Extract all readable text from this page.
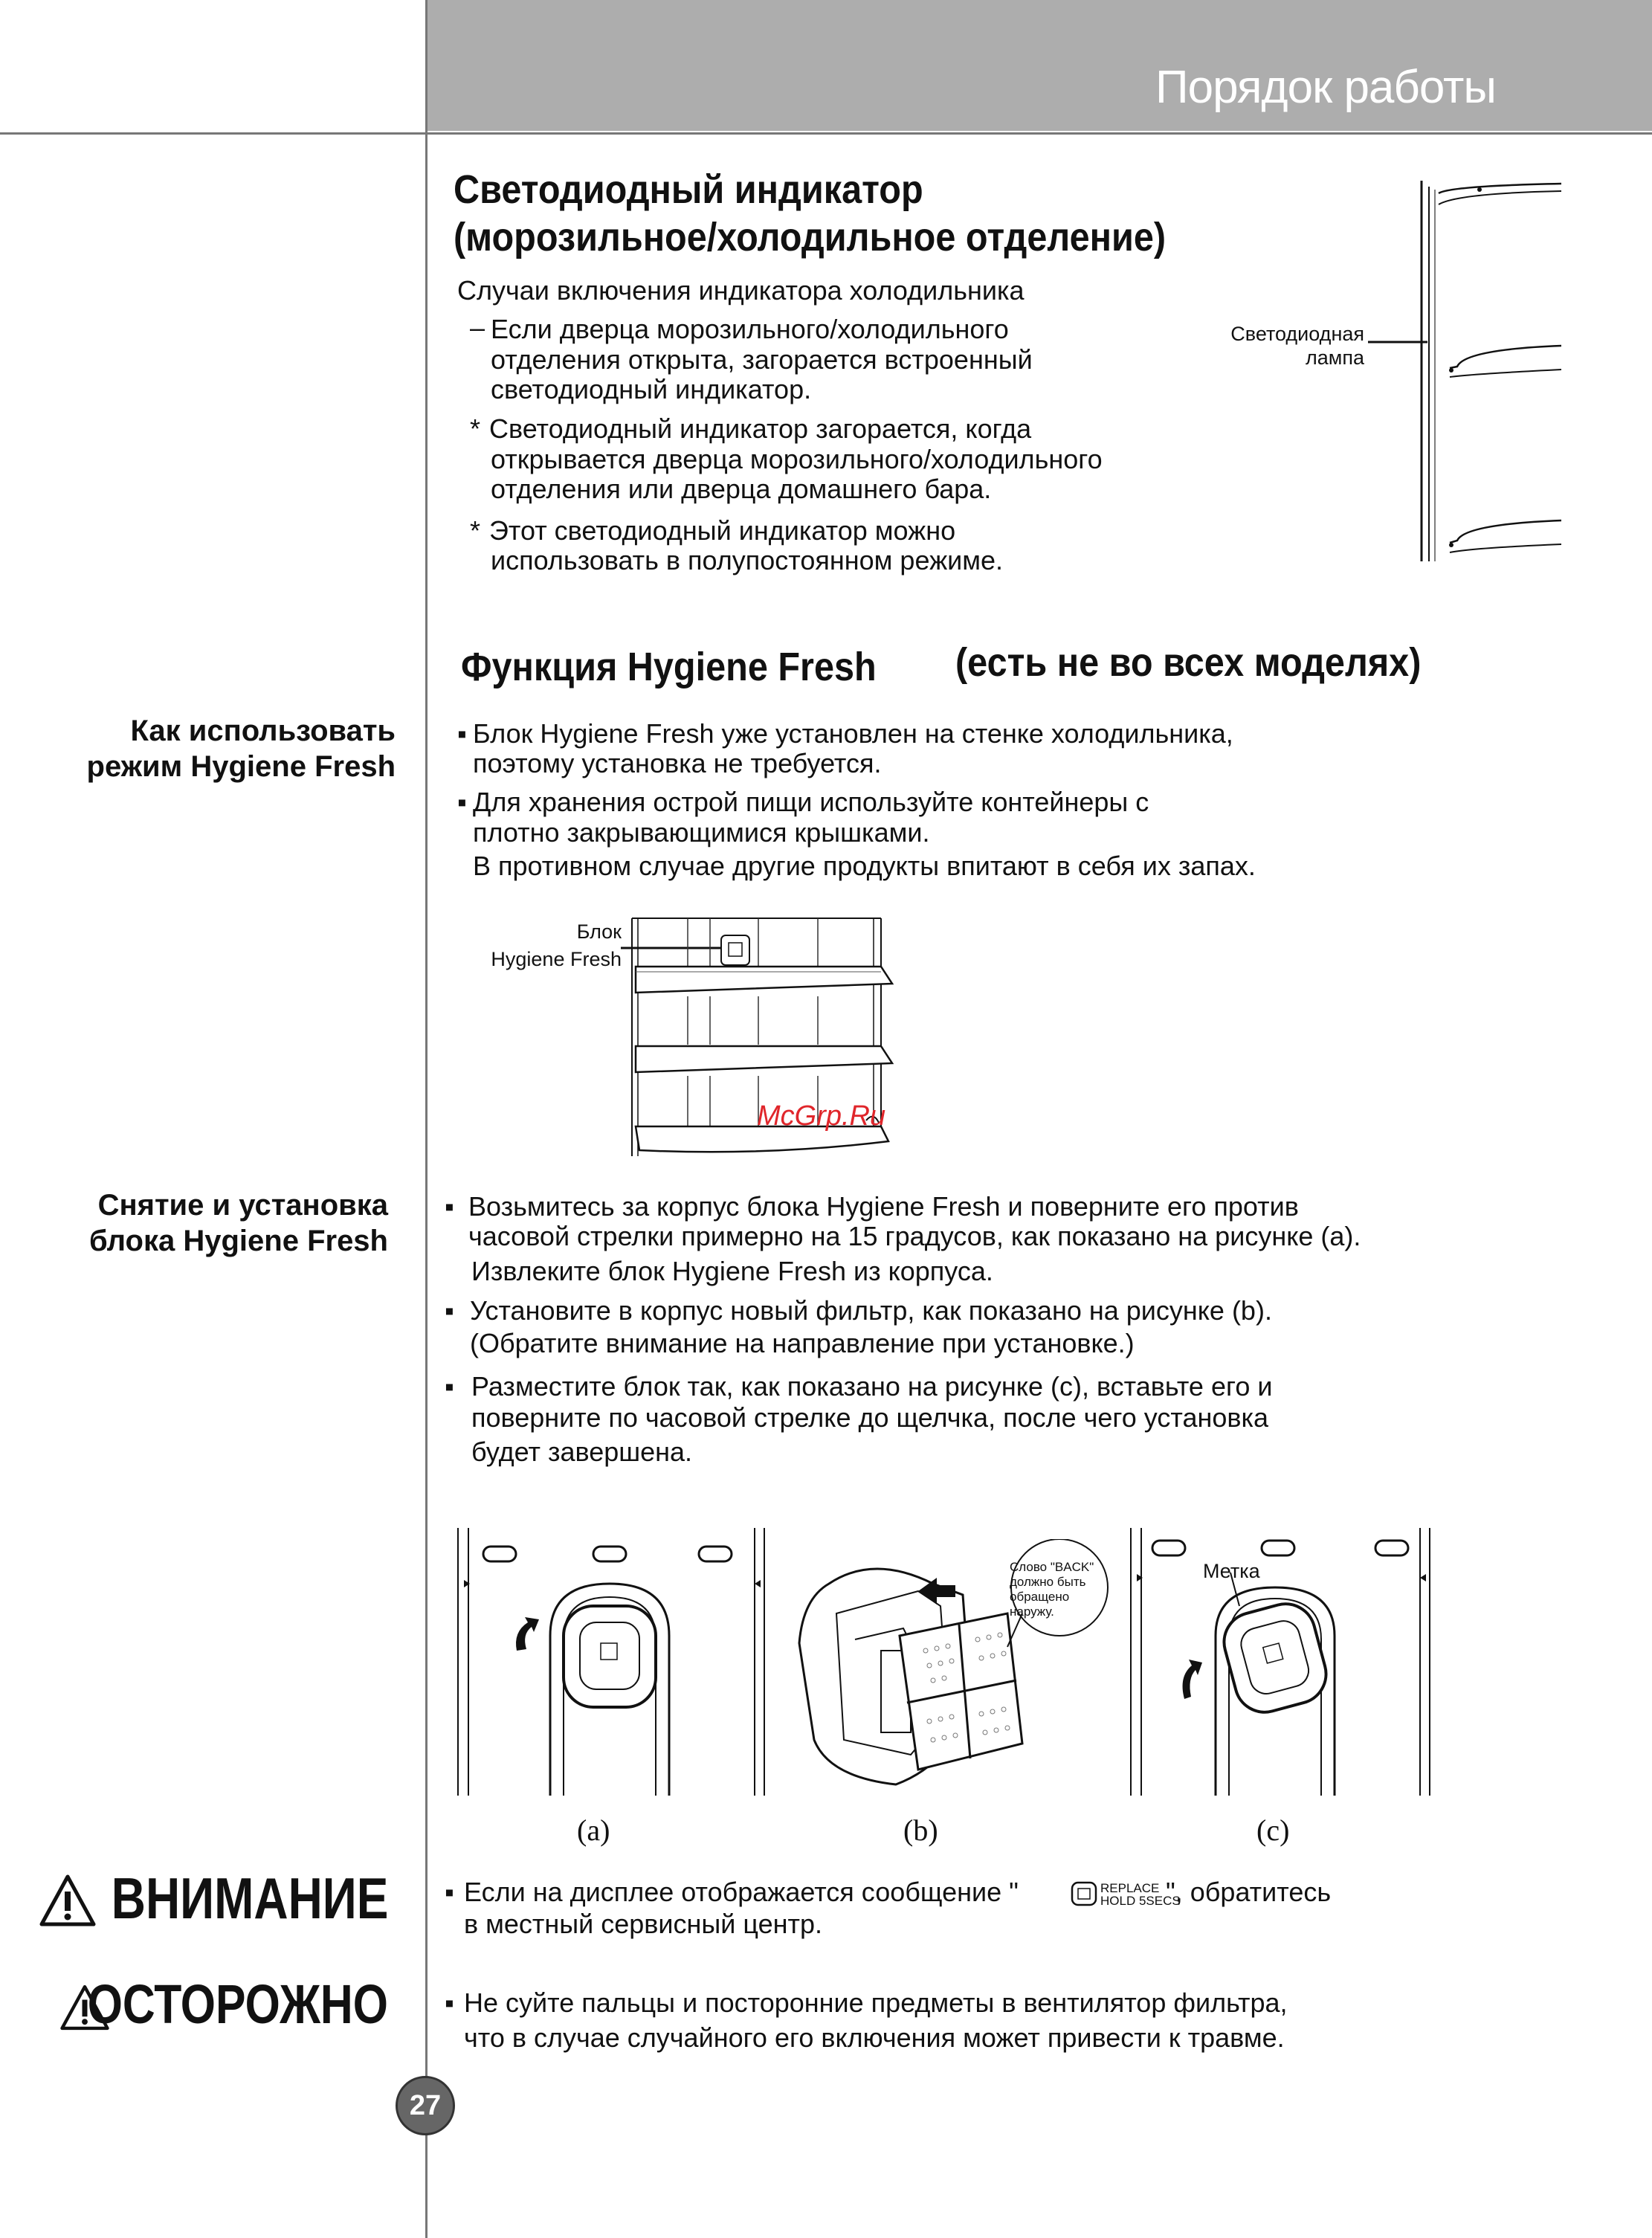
Порядок работы
Светодиодный индикатор
(морозильное/холодильное отделение)
Случаи включения индикатора холодильника
– Если дверца морозильного/холодильного
отделения открыта, загорается встроенный
светодиодный индикатор.
* Светодиодный индикатор загорается, когда
открывается дверца морозильного/холодильного
отделения или дверца домашнего бара.
* Этот светодиодный индикатор можно
использовать в полупостоянном режиме.
Светодиодная
лампа
Функция Hygiene Fresh (есть не во всех моделях)
Как использовать
режим Hygiene Fresh
▪ Блок Hygiene Fresh уже установлен на стенке холодильника,
поэтому установка не требуется.
▪ Для хранения острой пищи используйте контейнеры с
плотно закрывающимися крышками.
В противном случае другие продукты впитают в себя их запах.
Блок
Hygiene Fresh
McGrp.Ru
Снятие и установка
блока Hygiene Fresh
▪ Возьмитесь за корпус блока Hygiene Fresh и поверните его против
часовой стрелки примерно на 15 градусов, как показано на рисунке (а).
Извлеките блок Hygiene Fresh из корпуса.
▪ Установите в корпус новый фильтр, как показано на рисунке (b).
(Обратите внимание на направление при установке.)
▪ Разместите блок так, как показано на рисунке (с), вставьте его и
поверните по часовой стрелке до щелчка, после чего установка
будет завершена.
(a)
Слово "BACK"
должно быть
обращено
наружу.
(b)
Метка
(c)
ВНИМАНИЕ ▪ Если на дисплее отображается сообщение "	REPLACE
HOLD 5SECS
", обратитесь
в местный сервисный центр.
ОСТОРОЖНО ▪ Не суйте пальцы и посторонние предметы в вентилятор фильтра,
что в случае случайного его включения может привести к травме.
27
